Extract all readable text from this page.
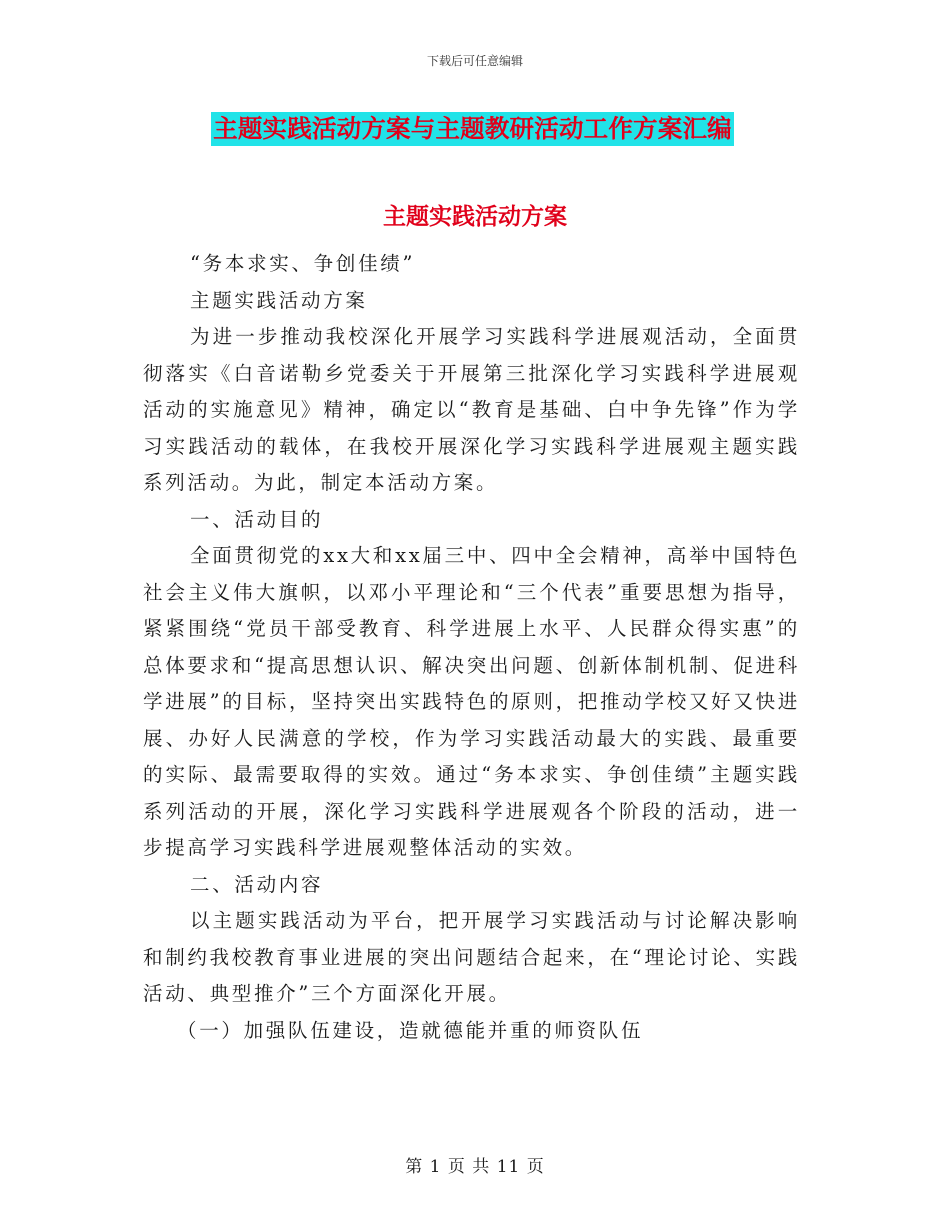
下载后可任意编辑
主题实践活动方案与主题教研活动工作方案汇编
主题实践活动方案

“务本求实、争创佳绩”

主题实践活动方案

为进一步推动我校深化开展学习实践科学进展观活动，全面贯彻落实《白音诺勒乡党委关于开展第三批深化学习实践科学进展观活动的实施意见》精神，确定以“教育是基础、白中争先锋”作为学习实践活动的载体，在我校开展深化学习实践科学进展观主题实践系列活动。为此，制定本活动方案。

一、活动目的

全面贯彻党的xx大和xx届三中、四中全会精神，高举中国特色社会主义伟大旗帜，以邓小平理论和“三个代表”重要思想为指导，紧紧围绕“党员干部受教育、科学进展上水平、人民群众得实惠”的总体要求和“提高思想认识、解决突出问题、创新体制机制、促进科学进展”的目标，坚持突出实践特色的原则，把推动学校又好又快进展、办好人民满意的学校，作为学习实践活动最大的实践、最重要的实际、最需要取得的实效。通过“务本求实、争创佳绩”主题实践系列活动的开展，深化学习实践科学进展观各个阶段的活动，进一步提高学习实践科学进展观整体活动的实效。

二、活动内容

以主题实践活动为平台，把开展学习实践活动与讨论解决影响和制约我校教育事业进展的突出问题结合起来，在“理论讨论、实践活动、典型推介”三个方面深化开展。

（一）加强队伍建设，造就德能并重的师资队伍

第 1 页 共 11 页
